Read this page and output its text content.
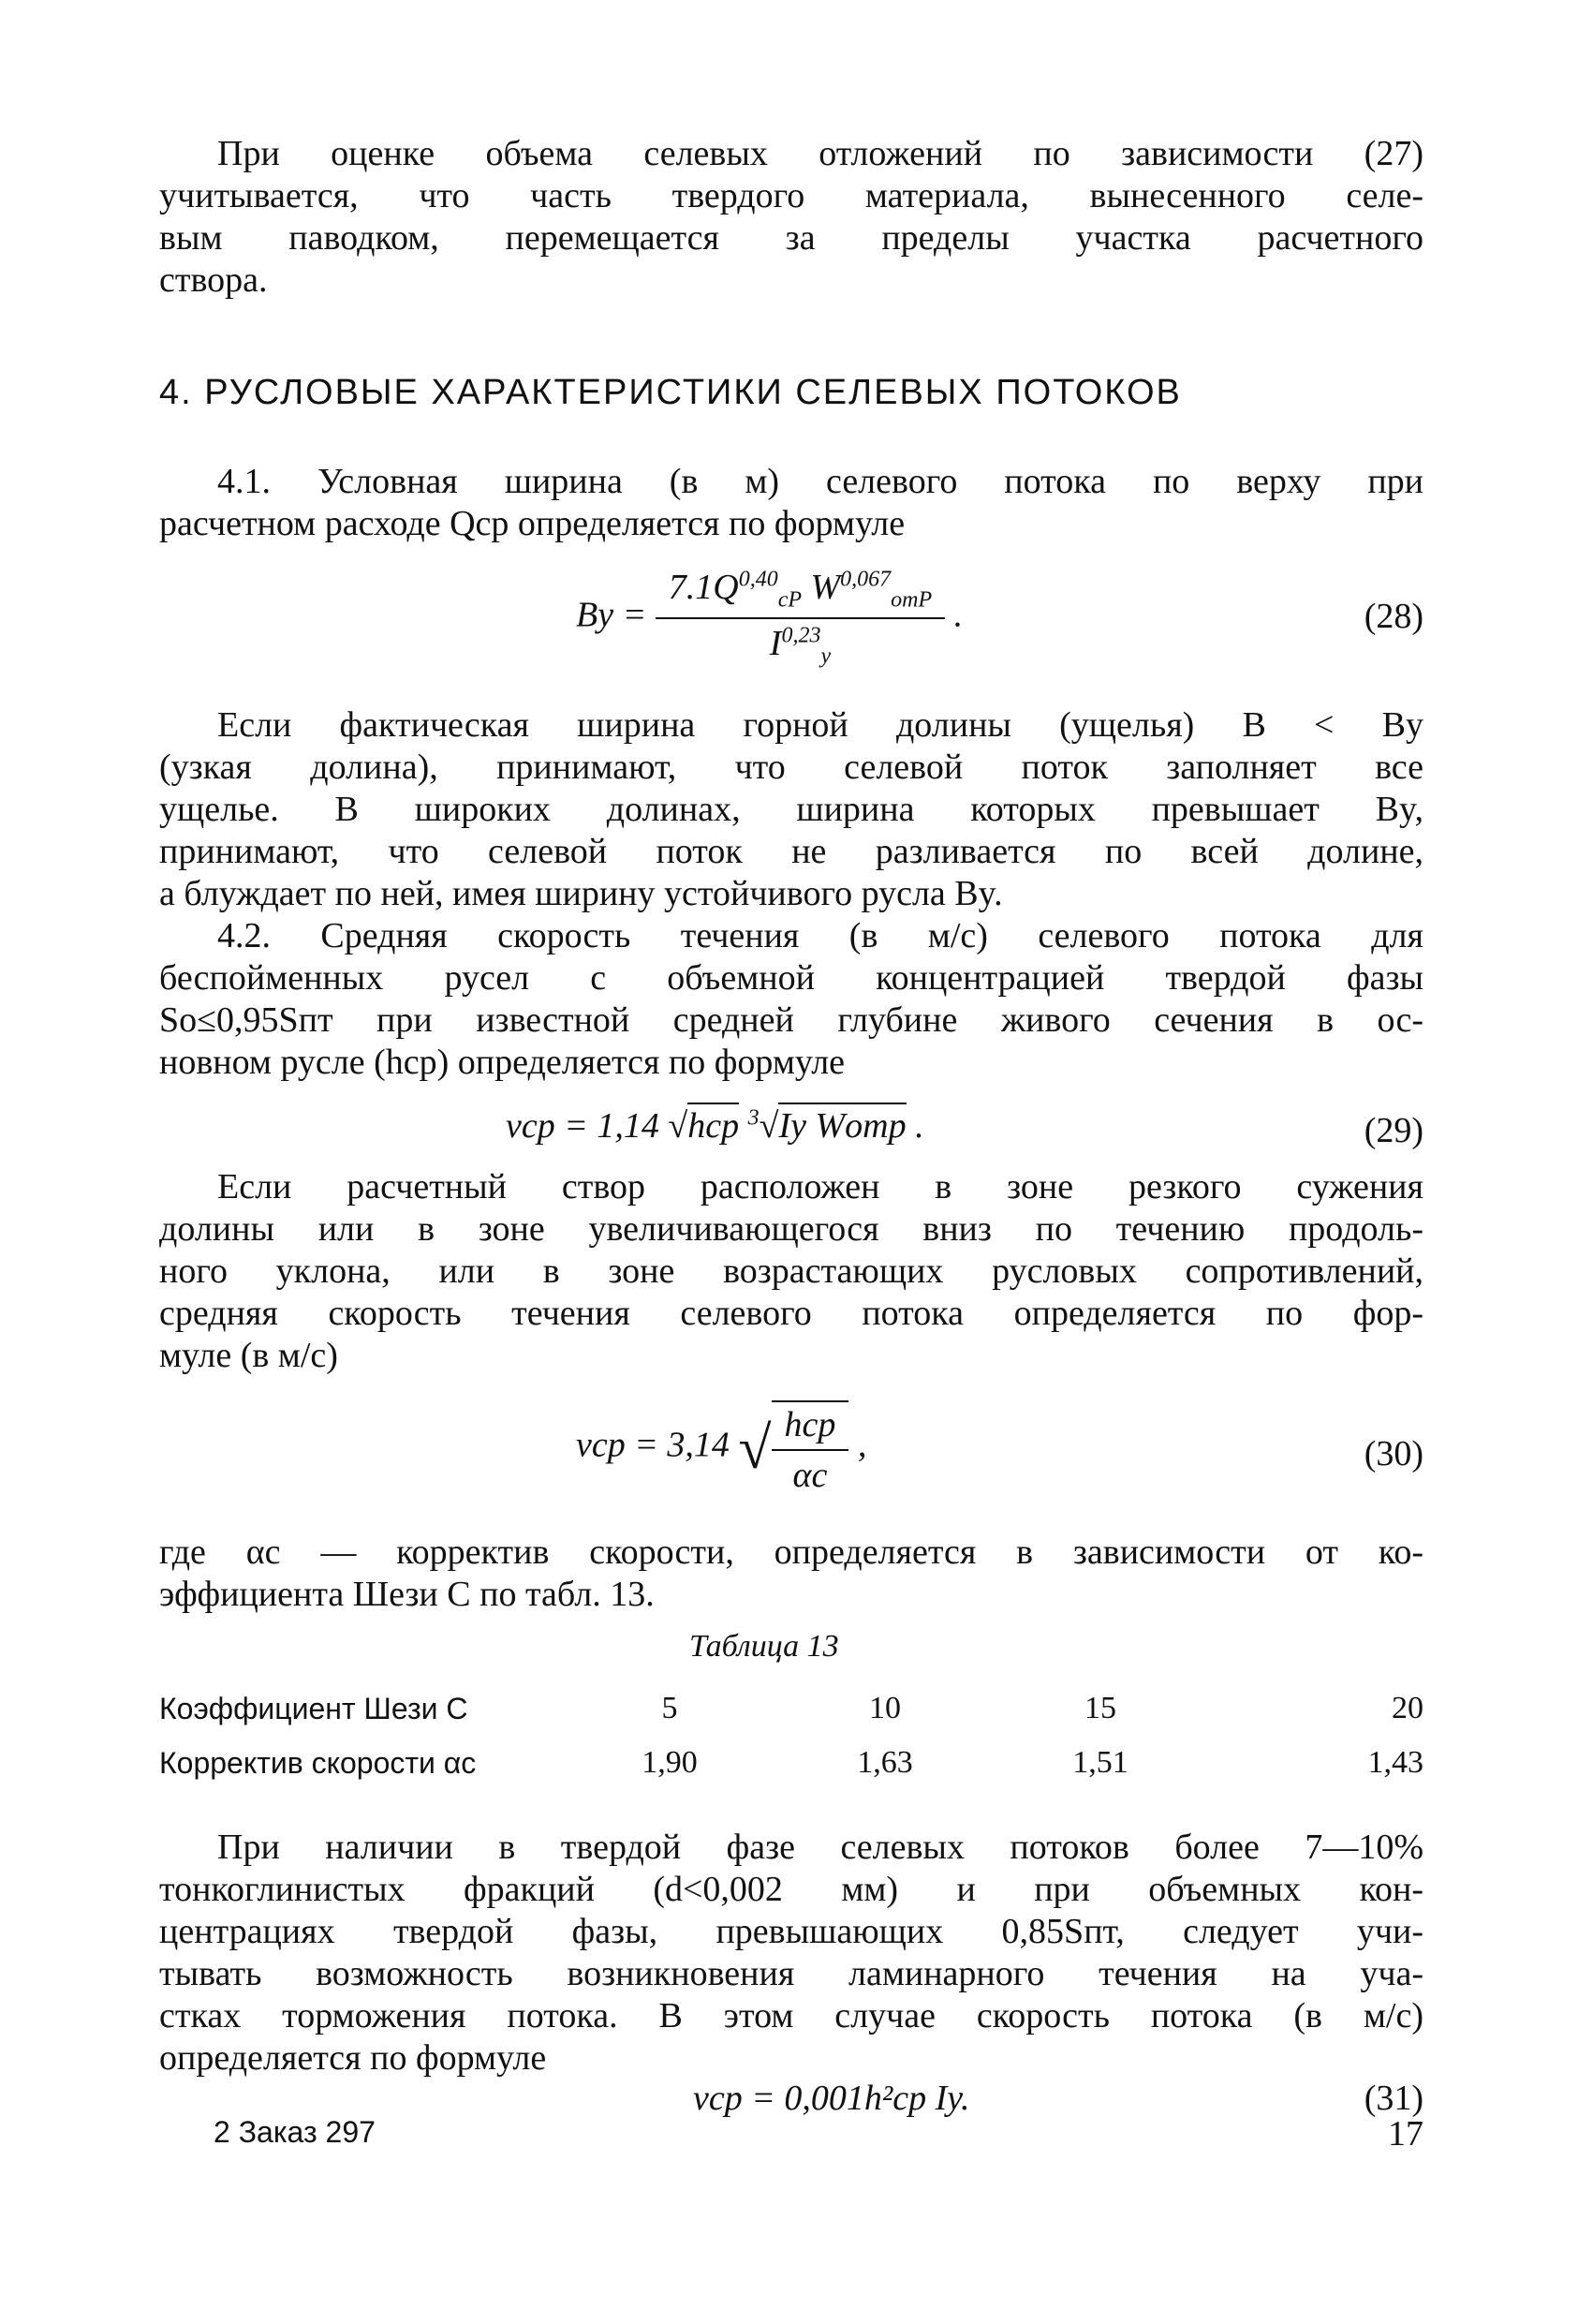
При оценке объема селевых отложений по зависимости (27)
учитывается, что часть твердого материала, вынесенного селе-
вым паводком, перемещается за пределы участка расчетного
створа.
4. РУСЛОВЫЕ ХАРАКТЕРИСТИКИ СЕЛЕВЫХ ПОТОКОВ
4.1. Условная ширина (в м) селевого потока по верху при
расчетном расходе Qср определяется по формуле
$By = \frac{7.1Q^{0,40}_{cP} W^{0,067}_{отP}}{I^{0,23}_y}$ .	(28)
Если фактическая ширина горной долины (ущелья) B < By
(узкая долина), принимают, что селевой поток заполняет все
ущелье. В широких долинах, ширина которых превышает By,
принимают, что селевой поток не разливается по всей долине,
а блуждает по ней, имея ширину устойчивого русла By.
4.2. Средняя скорость течения (в м/с) селевого потока для
беспойменных русел с объемной концентрацией твердой фазы
Sо≤0,95Sпт при известной средней глубине живого сечения в ос-
новном русле (hср) определяется по формуле
vср = 1,14 √hср $^3$√Iy Wотр .	(29)
Если расчетный створ расположен в зоне резкого сужения
долины или в зоне увеличивающегося вниз по течению продоль-
ного уклона, или в зоне возрастающих русловых сопротивлений,
средняя скорость течения селевого потока определяется по фор-
муле (в м/с)
vср = 3,14 √ $\frac{\text{hср}}{\alpha с}$ ,	(30)
где αс — корректив скорости, определяется в зависимости от ко-
эффициента Шези C по табл. 13.
Таблица 13
Коэффициент Шези C	5	10	15	20
Корректив скорости αс	1,90	1,63	1,51	1,43
При наличии в твердой фазе селевых потоков более 7—10%
тонкоглинистых фракций (d<0,002 мм) и при объемных кон-
центрациях твердой фазы, превышающих 0,85Sпт, следует учи-
тывать возможность возникновения ламинарного течения на уча-
стках торможения потока. В этом случае скорость потока (в м/с)
определяется по формуле
vср = 0,001h²ср Iy.	(31)
2 Заказ 297	17
